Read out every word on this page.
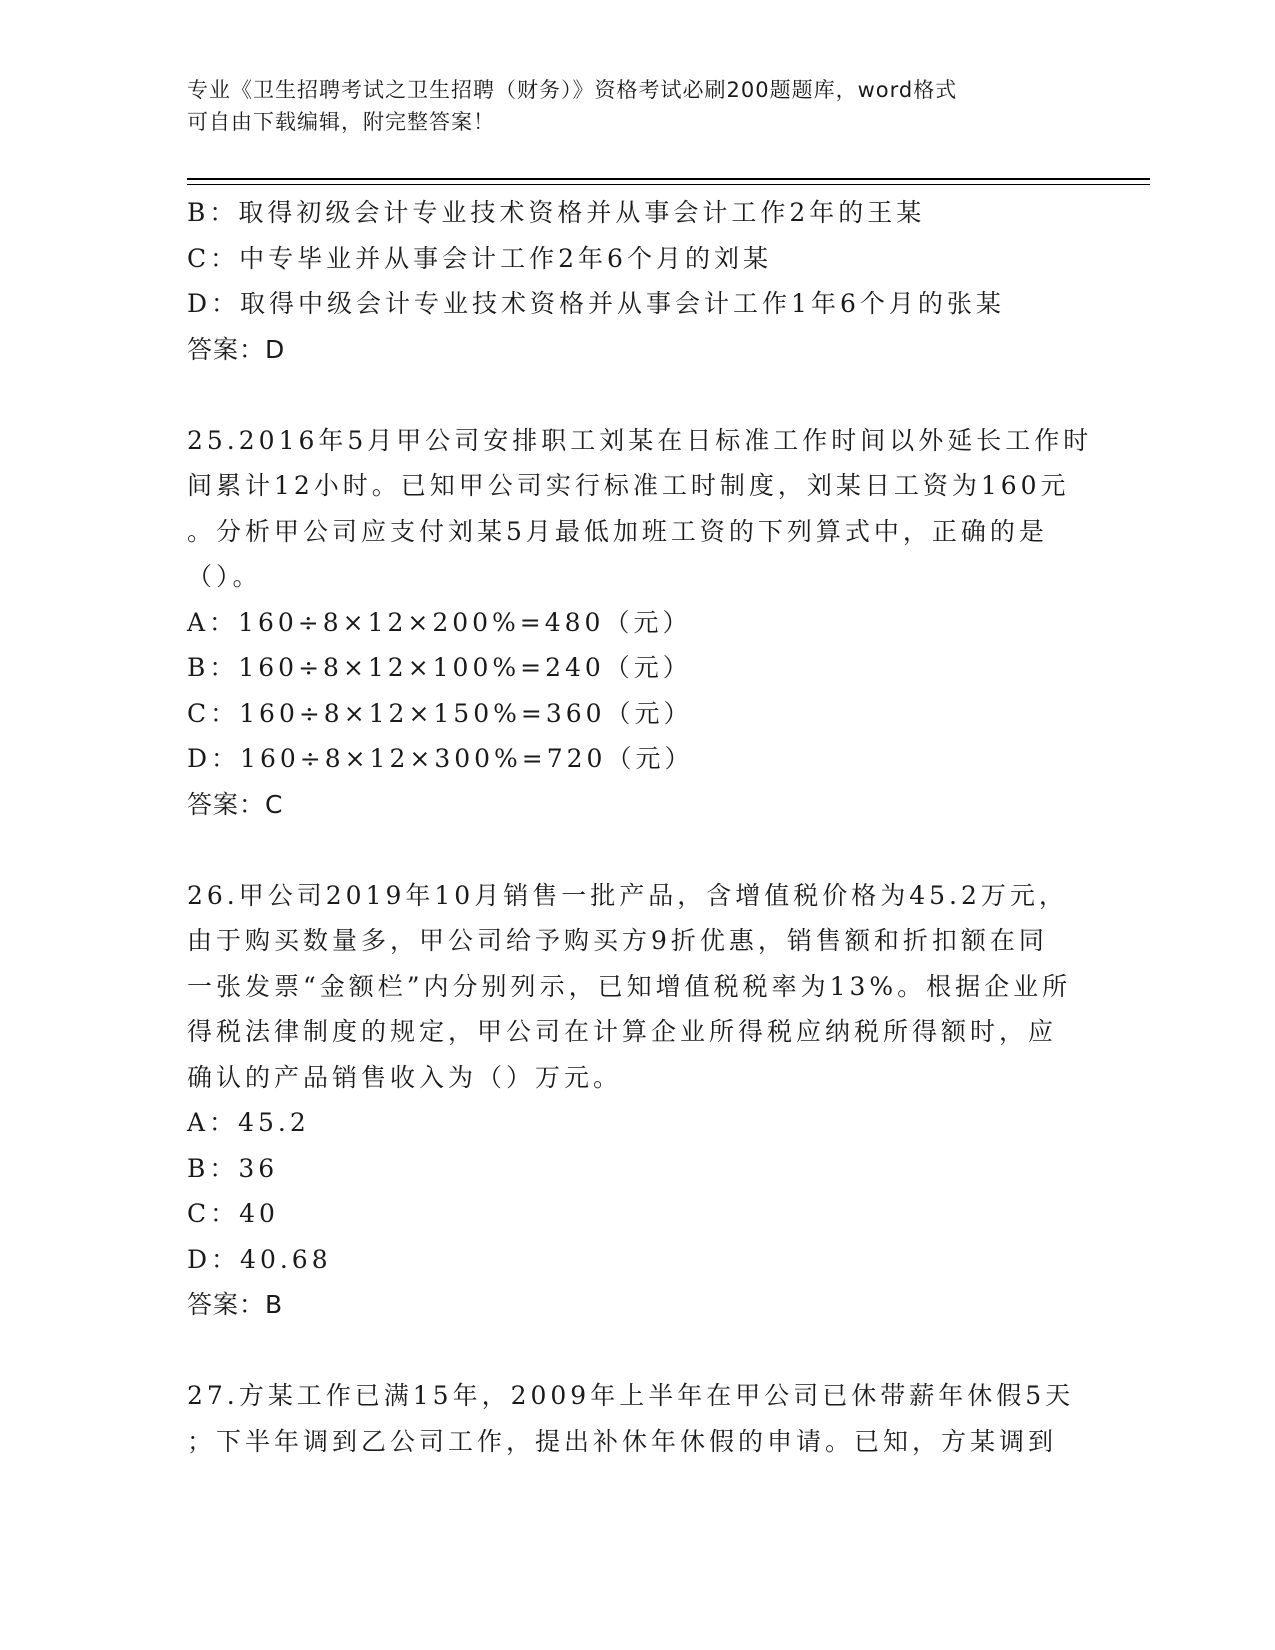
专业《卫生招聘考试之卫生招聘（财务）》资格考试必刷200题题库，word格式
可自由下载编辑，附完整答案！
B：取得初级会计专业技术资格并从事会计工作2年的王某
C：中专毕业并从事会计工作2年6个月的刘某
D：取得中级会计专业技术资格并从事会计工作1年6个月的张某
答案：D
25.2016年5月甲公司安排职工刘某在日标准工作时间以外延长工作时
间累计12小时。已知甲公司实行标准工时制度，刘某日工资为160元
。分析甲公司应支付刘某5月最低加班工资的下列算式中，正确的是
（）。
A：160÷8×12×200%=480（元）
B：160÷8×12×100%=240（元）
C：160÷8×12×150%=360（元）
D：160÷8×12×300%=720（元）
答案：C
26.甲公司2019年10月销售一批产品，含增值税价格为45.2万元，
由于购买数量多，甲公司给予购买方9折优惠，销售额和折扣额在同
一张发票“金额栏”内分别列示，已知增值税税率为13%。根据企业所
得税法律制度的规定，甲公司在计算企业所得税应纳税所得额时，应
确认的产品销售收入为（）万元。
A：45.2
B：36
C：40
D：40.68
答案：B
27.方某工作已满15年，2009年上半年在甲公司已休带薪年休假5天
；下半年调到乙公司工作，提出补休年休假的申请。已知，方某调到
